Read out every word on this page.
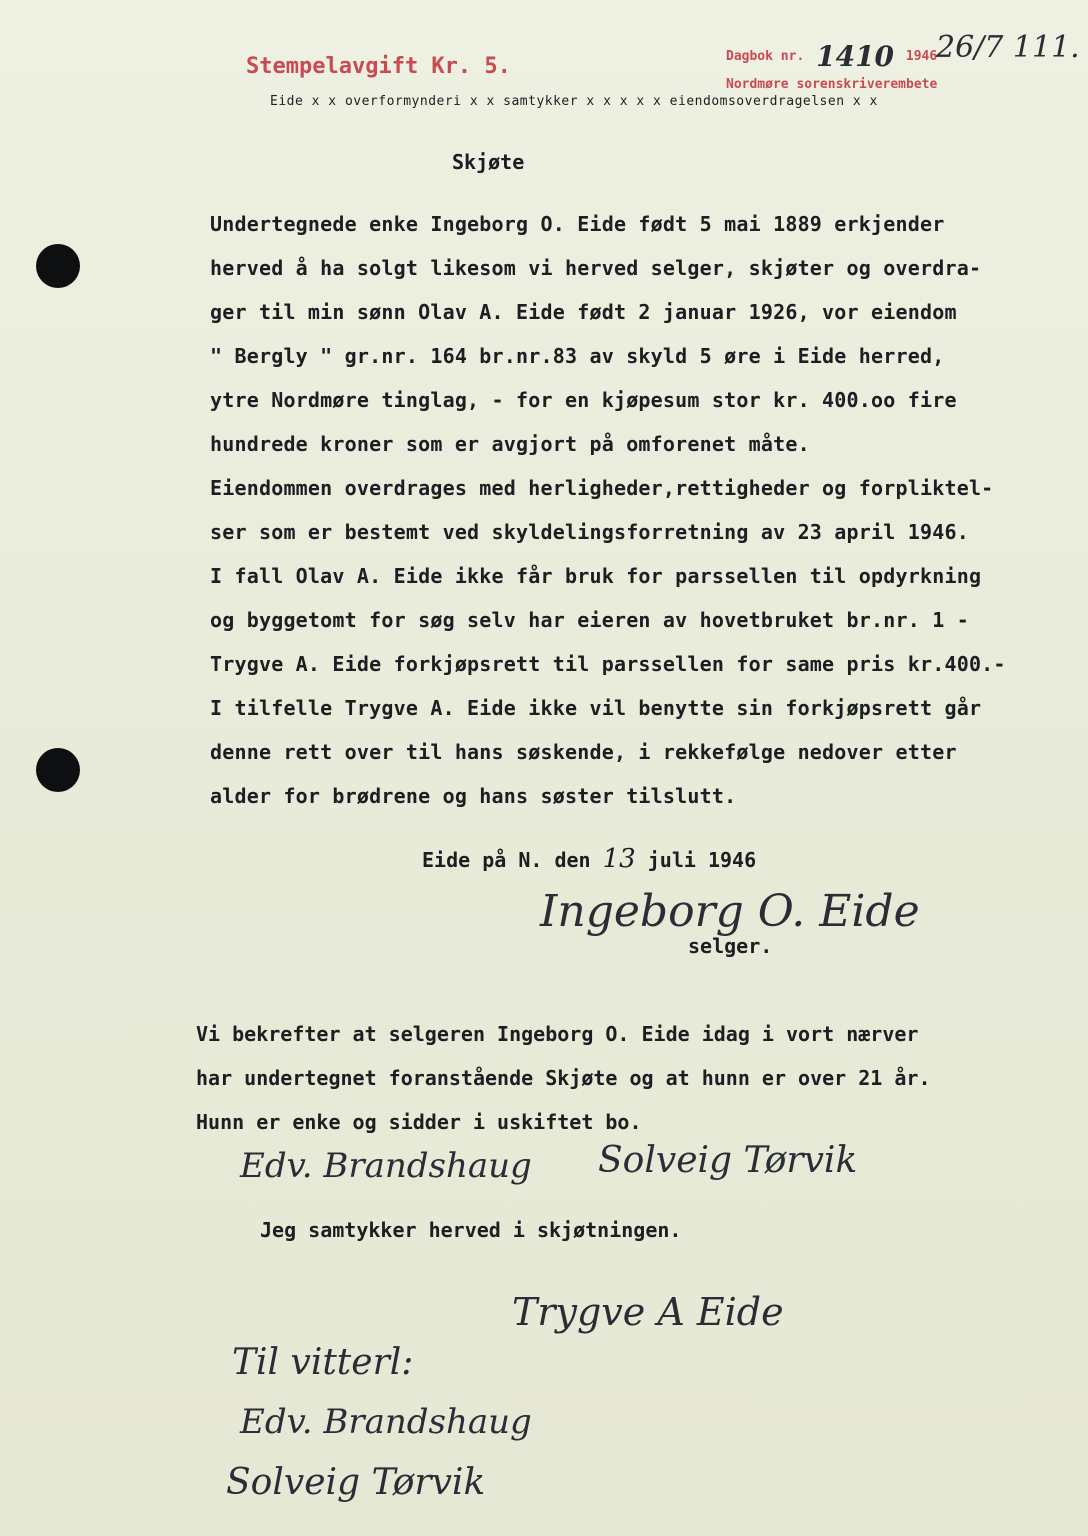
Stempelavgift Kr. 5.	Dagbok nr. 1410 1946
Nordmøre sorenskriverembete
26/7 111.
Eide x x overformynderi x x samtykker x x x x x eiendomsoverdragelsen x x
Skjøte
Undertegnede enke Ingeborg O. Eide født 5 mai 1889 erkjender
herved å ha solgt likesom vi herved selger, skjøter og overdra-
ger til min sønn Olav A. Eide født 2 januar 1926, vor eiendom
" Bergly " gr.nr. 164 br.nr.83 av skyld 5 øre i Eide herred,
ytre Nordmøre tinglag, - for en kjøpesum stor kr. 400.oo fire
hundrede kroner som er avgjort på omforenet måte.
Eiendommen overdrages med herligheder,rettigheder og forpliktel-
ser som er bestemt ved skyldelingsforretning av 23 april 1946.
I fall Olav A. Eide ikke får bruk for parssellen til opdyrkning
og byggetomt for søg selv har eieren av hovetbruket br.nr. 1 -
Trygve A. Eide forkjøpsrett til parssellen for same pris kr.400.-
I tilfelle Trygve A. Eide ikke vil benytte sin forkjøpsrett går
denne rett over til hans søskende, i rekkefølge nedover etter
alder for brødrene og hans søster tilslutt.
Eide på N. den 13 juli 1946
Ingeborg O. Eide
selger.
Vi bekrefter at selgeren Ingeborg O. Eide idag i vort nærver
har undertegnet foranstående Skjøte og at hunn er over 21 år.
Hunn er enke og sidder i uskiftet bo.
Edv. Brandshaug Solveig Tørvik
Jeg samtykker herved i skjøtningen.
Trygve A Eide
Til vitterl:
Edv. Brandshaug
Solveig Tørvik
